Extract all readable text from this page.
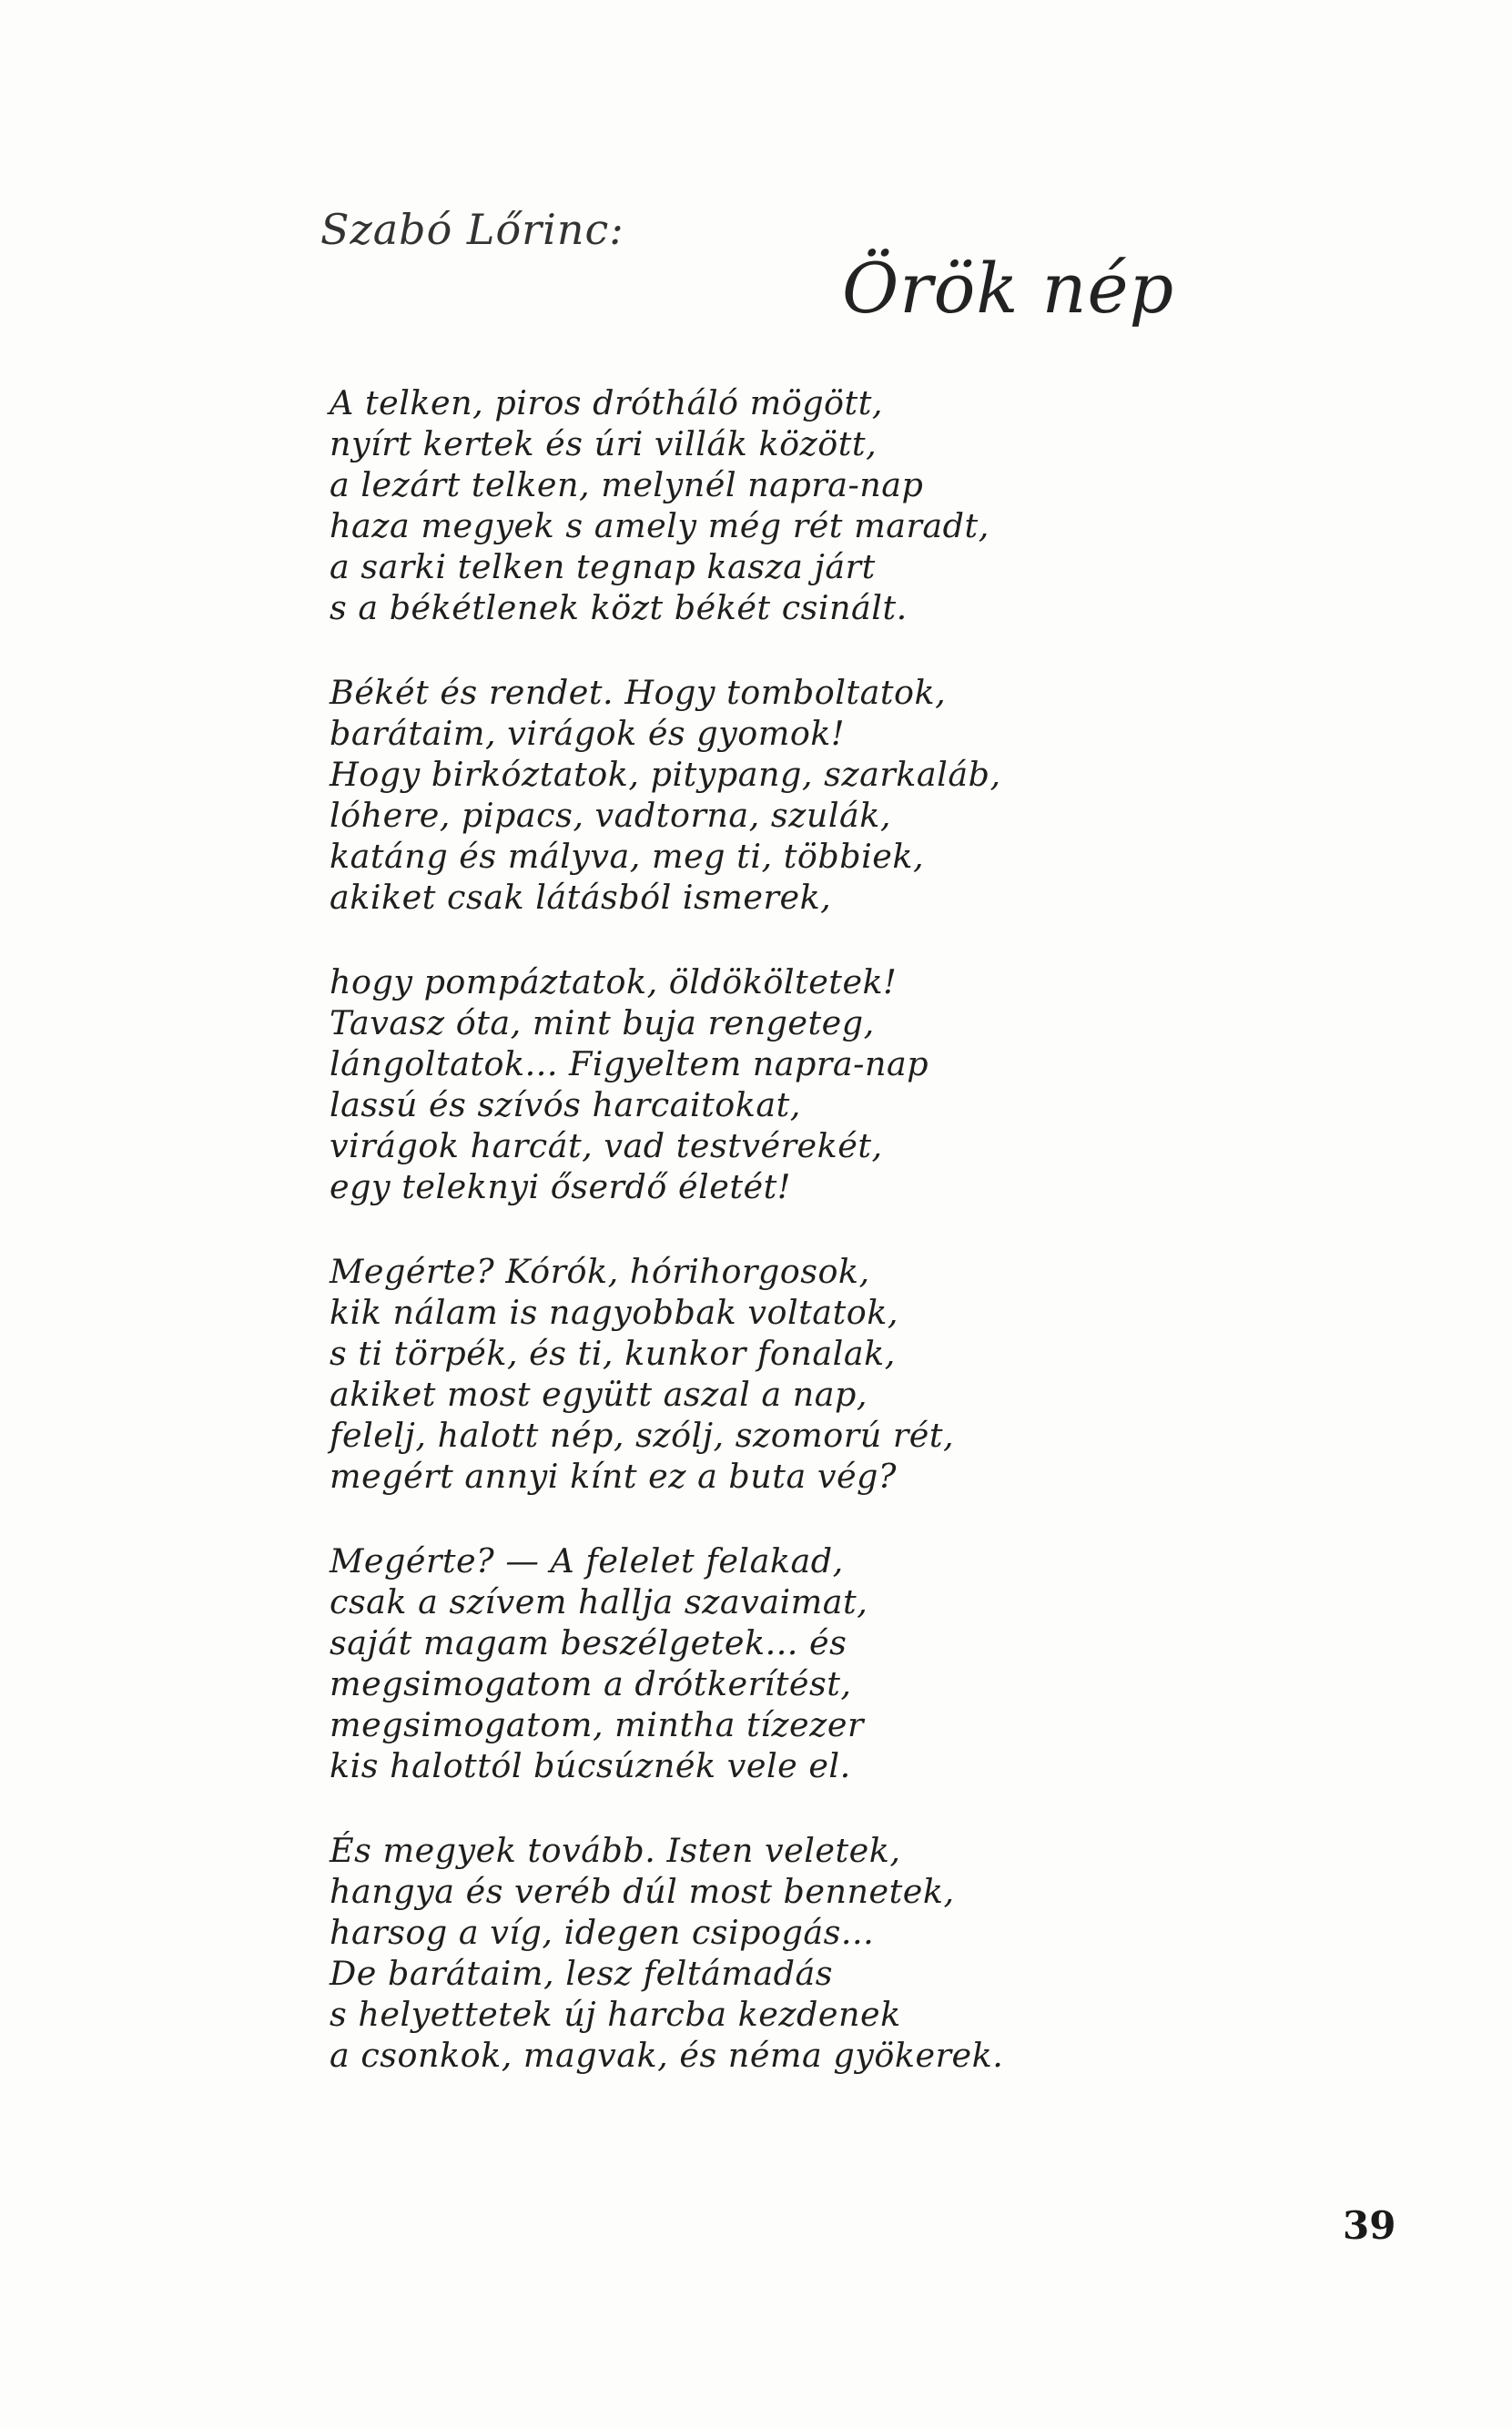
Szabó Lőrinc:
Örök nép
A telken, piros dróthálό mögött,
nyírt kertek és úri villák között,
a lezárt telken, melynél napra-nap
haza megyek s amely még rét maradt,
a sarki telken tegnap kasza járt
s a békétlenek közt békét csinált.
Békét és rendet. Hogy tomboltatok,
barátaim, virágok és gyomok!
Hogy birkóztatok, pitypang, szarkaláb,
lóhere, pipacs, vadtorna, szulák,
katáng és mályva, meg ti, többiek,
akiket csak látásból ismerek,
hogy pompáztatok, öldököltetek!
Tavasz óta, mint buja rengeteg,
lángoltatok... Figyeltem napra-nap
lassú és szívós harcaitokat,
virágok harcát, vad testvérekét,
egy teleknyi őserdő életét!
Megérte? Kórók, hórihorgosok,
kik nálam is nagyobbak voltatok,
s ti törpék, és ti, kunkor fonalak,
akiket most együtt aszal a nap,
felelj, halott nép, szólj, szomorú rét,
megért annyi kínt ez a buta vég?
Megérte? — A felelet felakad,
csak a szívem hallja szavaimat,
saját magam beszélgetek... és
megsimogatom a drótkerítést,
megsimogatom, mintha tízezer
kis halottól búcsúznék vele el.
És megyek tovább. Isten veletek,
hangya és veréb dúl most bennetek,
harsog a víg, idegen csipogás...
De barátaim, lesz feltámadás
s helyettetek új harcba kezdenek
a csonkok, magvak, és néma gyökerek.
39
